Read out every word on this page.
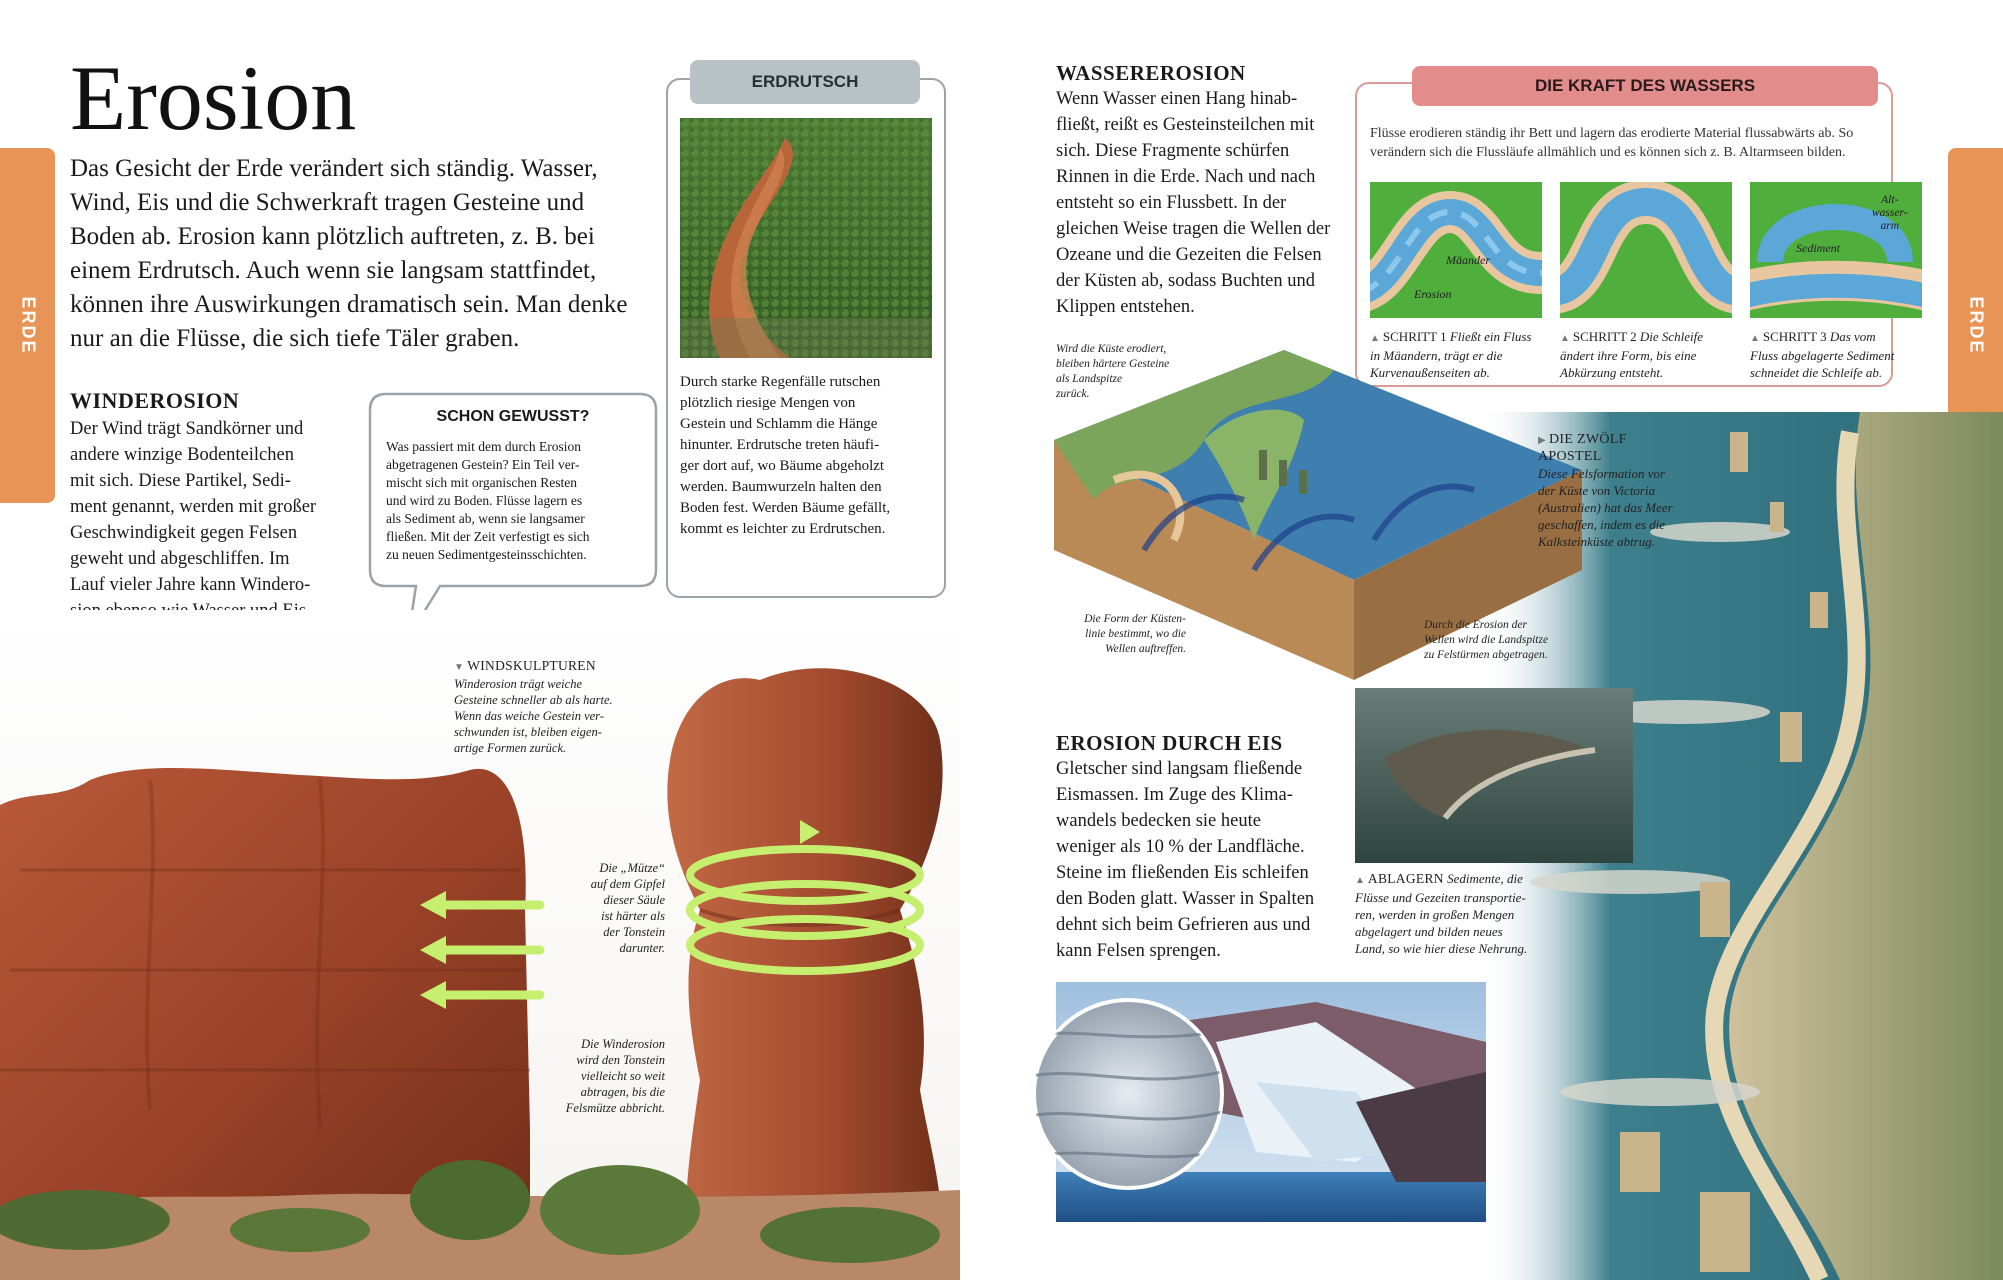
Erosion
ERDE
Das Gesicht der Erde verändert sich ständig. Wasser, Wind, Eis und die Schwerkraft tragen Gesteine und Boden ab. Erosion kann plötzlich auftreten, z. B. bei einem Erdrutsch. Auch wenn sie langsam stattfindet, können ihre Auswirkungen dramatisch sein. Man denke nur an die Flüsse, die sich tiefe Täler graben.
WINDEROSION
Der Wind trägt Sandkörner und
andere winzige Bodenteilchen
mit sich. Diese Partikel, Sedi-
ment genannt, werden mit großer
Geschwindigkeit gegen Felsen
geweht und abgeschliffen. Im
Lauf vieler Jahre kann Windero-

SCHON GEWUSST?
Was passiert mit dem durch Erosion
abgetragenen Gestein? Ein Teil ver-
mischt sich mit organischen Resten
und wird zu Boden. Flüsse lagern es
als Sediment ab, wenn sie langsamer
fließen. Mit der Zeit verfestigt es sich
zu neuen Sedimentgesteinsschichten.
ERDRUTSCH
Durch starke Regenfälle rutschen
plötzlich riesige Mengen von
Gestein und Schlamm die Hänge
hinunter. Erdrutsche treten häufi-
ger dort auf, wo Bäume abgeholzt
werden. Baumwurzeln halten den
Boden fest. Werden Bäume gefällt,
kommt es leichter zu Erdrutschen.
▼ WINDSKULPTUREN
Winderosion trägt weiche
Gesteine schneller ab als harte.
Wenn das weiche Gestein ver-
schwunden ist, bleiben eigen-
artige Formen zurück.
Die „Mütze“
auf dem Gipfel
dieser Säule
ist härter als
der Tonstein
darunter.
Die Winderosion
wird den Tonstein
vielleicht so weit
abtragen, bis die
Felsmütze abbricht.
WASSEREROSION
Wenn Wasser einen Hang hinab-
fließt, reißt es Gesteinsteilchen mit
sich. Diese Fragmente schürfen
Rinnen in die Erde. Nach und nach
entsteht so ein Flussbett. In der
gleichen Weise tragen die Wellen der
Ozeane und die Gezeiten die Felsen
der Küsten ab, sodass Buchten und
Klippen entstehen.
DIE KRAFT DES WASSERS
Flüsse erodieren ständig ihr Bett und lagern das erodierte Material flussabwärts ab. So verändern sich die Flussläufe allmählich und es können sich z. B. Altarmseen bilden.
Mäander
Erosion
Alt-
wasser-
arm
Sediment
▲ SCHRITT 1 Fließt ein Fluss in Mäandern, trägt er die Kurvenaußenseiten ab.
▲ SCHRITT 2 Die Schleife ändert ihre Form, bis eine Abkürzung entsteht.
▲ SCHRITT 3 Das vom Fluss abgelagerte Sediment schneidet die Schleife ab.
ERDE
Wird die Küste erodiert,
bleiben härtere Gesteine
als Landspitze
zurück.
Die Form der Küsten-
linie bestimmt, wo die
Wellen auftreffen.
Durch die Erosion der
Wellen wird die Landspitze
zu Felstürmen abgetragen.
▶ DIE ZWÖLF
APOSTEL
Diese Felsformation vor
der Küste von Victoria
(Australien) hat das Meer
geschaffen, indem es die
Kalksteinküste abtrug.
EROSION DURCH EIS
Gletscher sind langsam fließende
Eismassen. Im Zuge des Klima-
wandels bedecken sie heute
weniger als 10 % der Landfläche.
Steine im fließenden Eis schleifen
den Boden glatt. Wasser in Spalten
dehnt sich beim Gefrieren aus und
kann Felsen sprengen.
▲ ABLAGERN Sedimente, die Flüsse und Gezeiten transportie-
ren, werden in großen Mengen
abgelagert und bilden neues
Land, so wie hier diese Nehrung.
